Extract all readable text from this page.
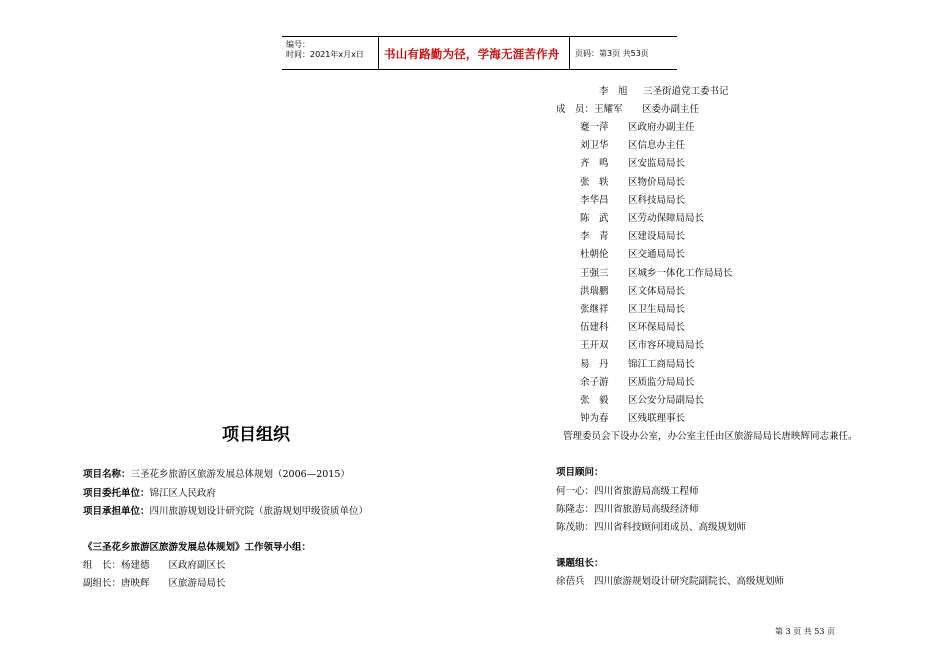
编号：
时间：2021年x月x日 书山有路勤为径，学海无涯苦作舟 页码：第3页 共53页
李　旭 三圣街道党工委书记
成　员：王耀军 区委办副主任
蹇一萍 区政府办副主任
刘卫华 区信息办主任
齐　鸣 区安监局局长
张　轶 区物价局局长
李华昌 区科技局局长
陈　武 区劳动保障局局长
李　青 区建设局局长
杜朝伦 区交通局局长
王强三 区城乡一体化工作局局长
洪瑞鹏 区文体局局长
张继祥 区卫生局局长
伍建科 区环保局局长
王开双 区市容环境局局长
易　丹 锦江工商局局长
余子游 区质监分局局长
张　毅 区公安分局副局长
钟为春 区残联理事长
管理委员会下设办公室，办公室主任由区旅游局局长唐映辉同志兼任。
项目顾问：
何一心：四川省旅游局高级工程师
陈隆志：四川省旅游局高级经济师
陈茂勋：四川省科技顾问团成员、高级规划师
课题组长：
徐蓓兵　四川旅游规划设计研究院副院长、高级规划师
项目组织
项目名称：三圣花乡旅游区旅游发展总体规划（2006—2015）
项目委托单位：锦江区人民政府
项目承担单位：四川旅游规划设计研究院（旅游规划甲级资质单位）
《三圣花乡旅游区旅游发展总体规划》工作领导小组：
组　长：杨建德　　区政府副区长
副组长：唐映辉　　区旅游局局长
第 3 页 共 53 页
